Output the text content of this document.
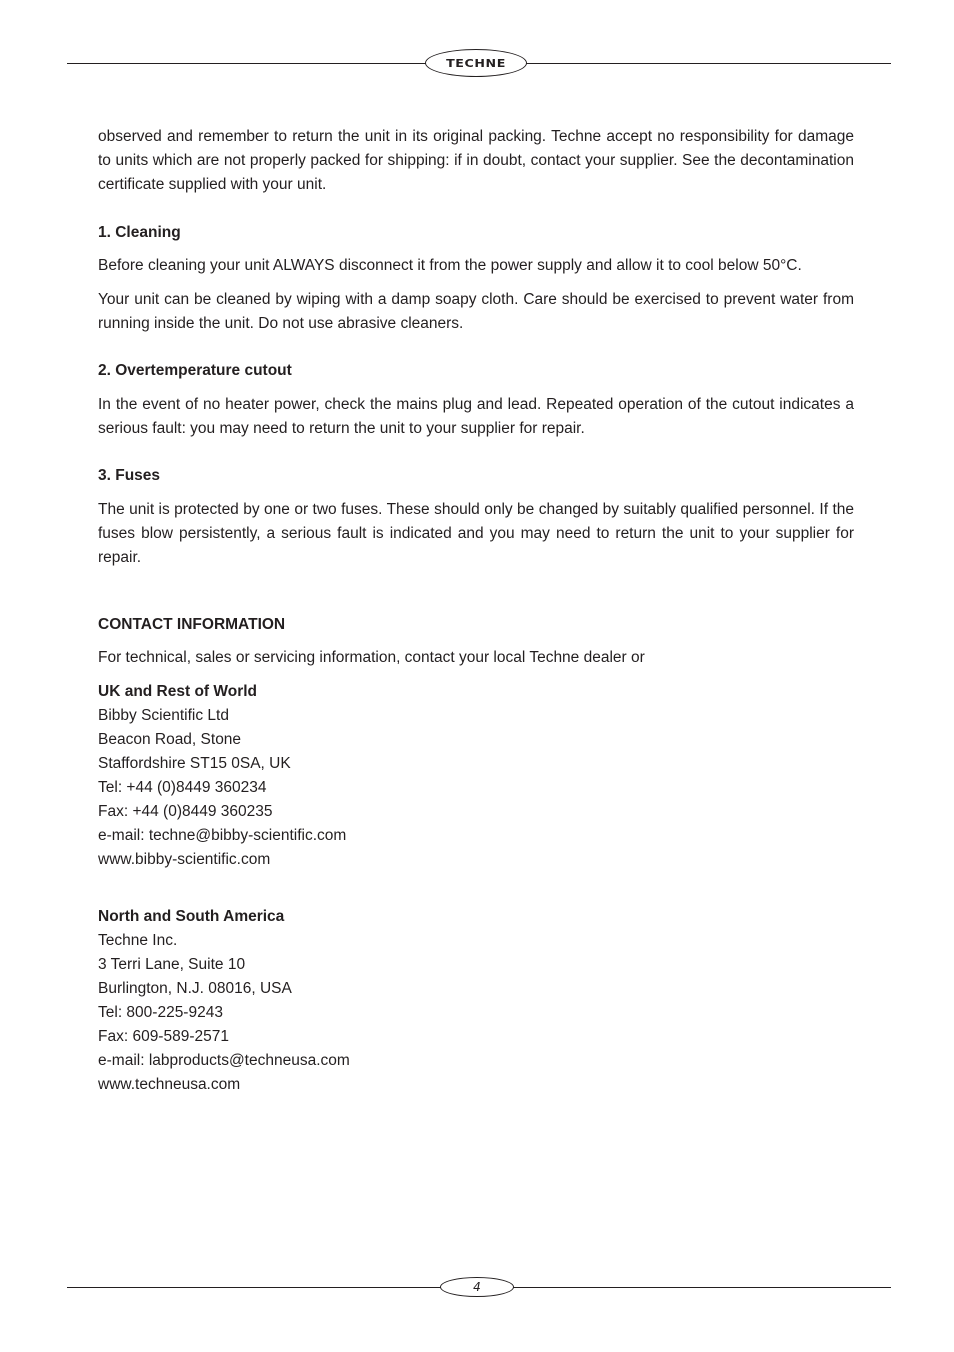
TECHNE

observed and remember to return the unit in its original packing. Techne accept no responsibility for damage to units which are not properly packed for shipping: if in doubt, contact your supplier. See the decontamination certificate supplied with your unit.

1. Cleaning

Before cleaning your unit ALWAYS disconnect it from the power supply and allow it to cool below 50°C.

Your unit can be cleaned by wiping with a damp soapy cloth. Care should be exercised to prevent water from running inside the unit. Do not use abrasive cleaners.

2. Overtemperature cutout

In the event of no heater power, check the mains plug and lead. Repeated operation of the cutout indicates a serious fault: you may need to return the unit to your supplier for repair.

3. Fuses

The unit is protected by one or two fuses. These should only be changed by suitably qualified personnel. If the fuses blow persistently, a serious fault is indicated and you may need to return the unit to your supplier for repair.

CONTACT INFORMATION

For technical, sales or servicing information, contact your local Techne dealer or

UK and Rest of World
Bibby Scientific Ltd
Beacon Road, Stone
Staffordshire ST15 0SA, UK
Tel: +44 (0)8449 360234
Fax: +44 (0)8449 360235
e-mail: techne@bibby-scientific.com
www.bibby-scientific.com
North and South America
Techne Inc.
3 Terri Lane, Suite 10
Burlington, N.J. 08016, USA
Tel: 800-225-9243
Fax: 609-589-2571
e-mail: labproducts@techneusa.com
www.techneusa.com
4
